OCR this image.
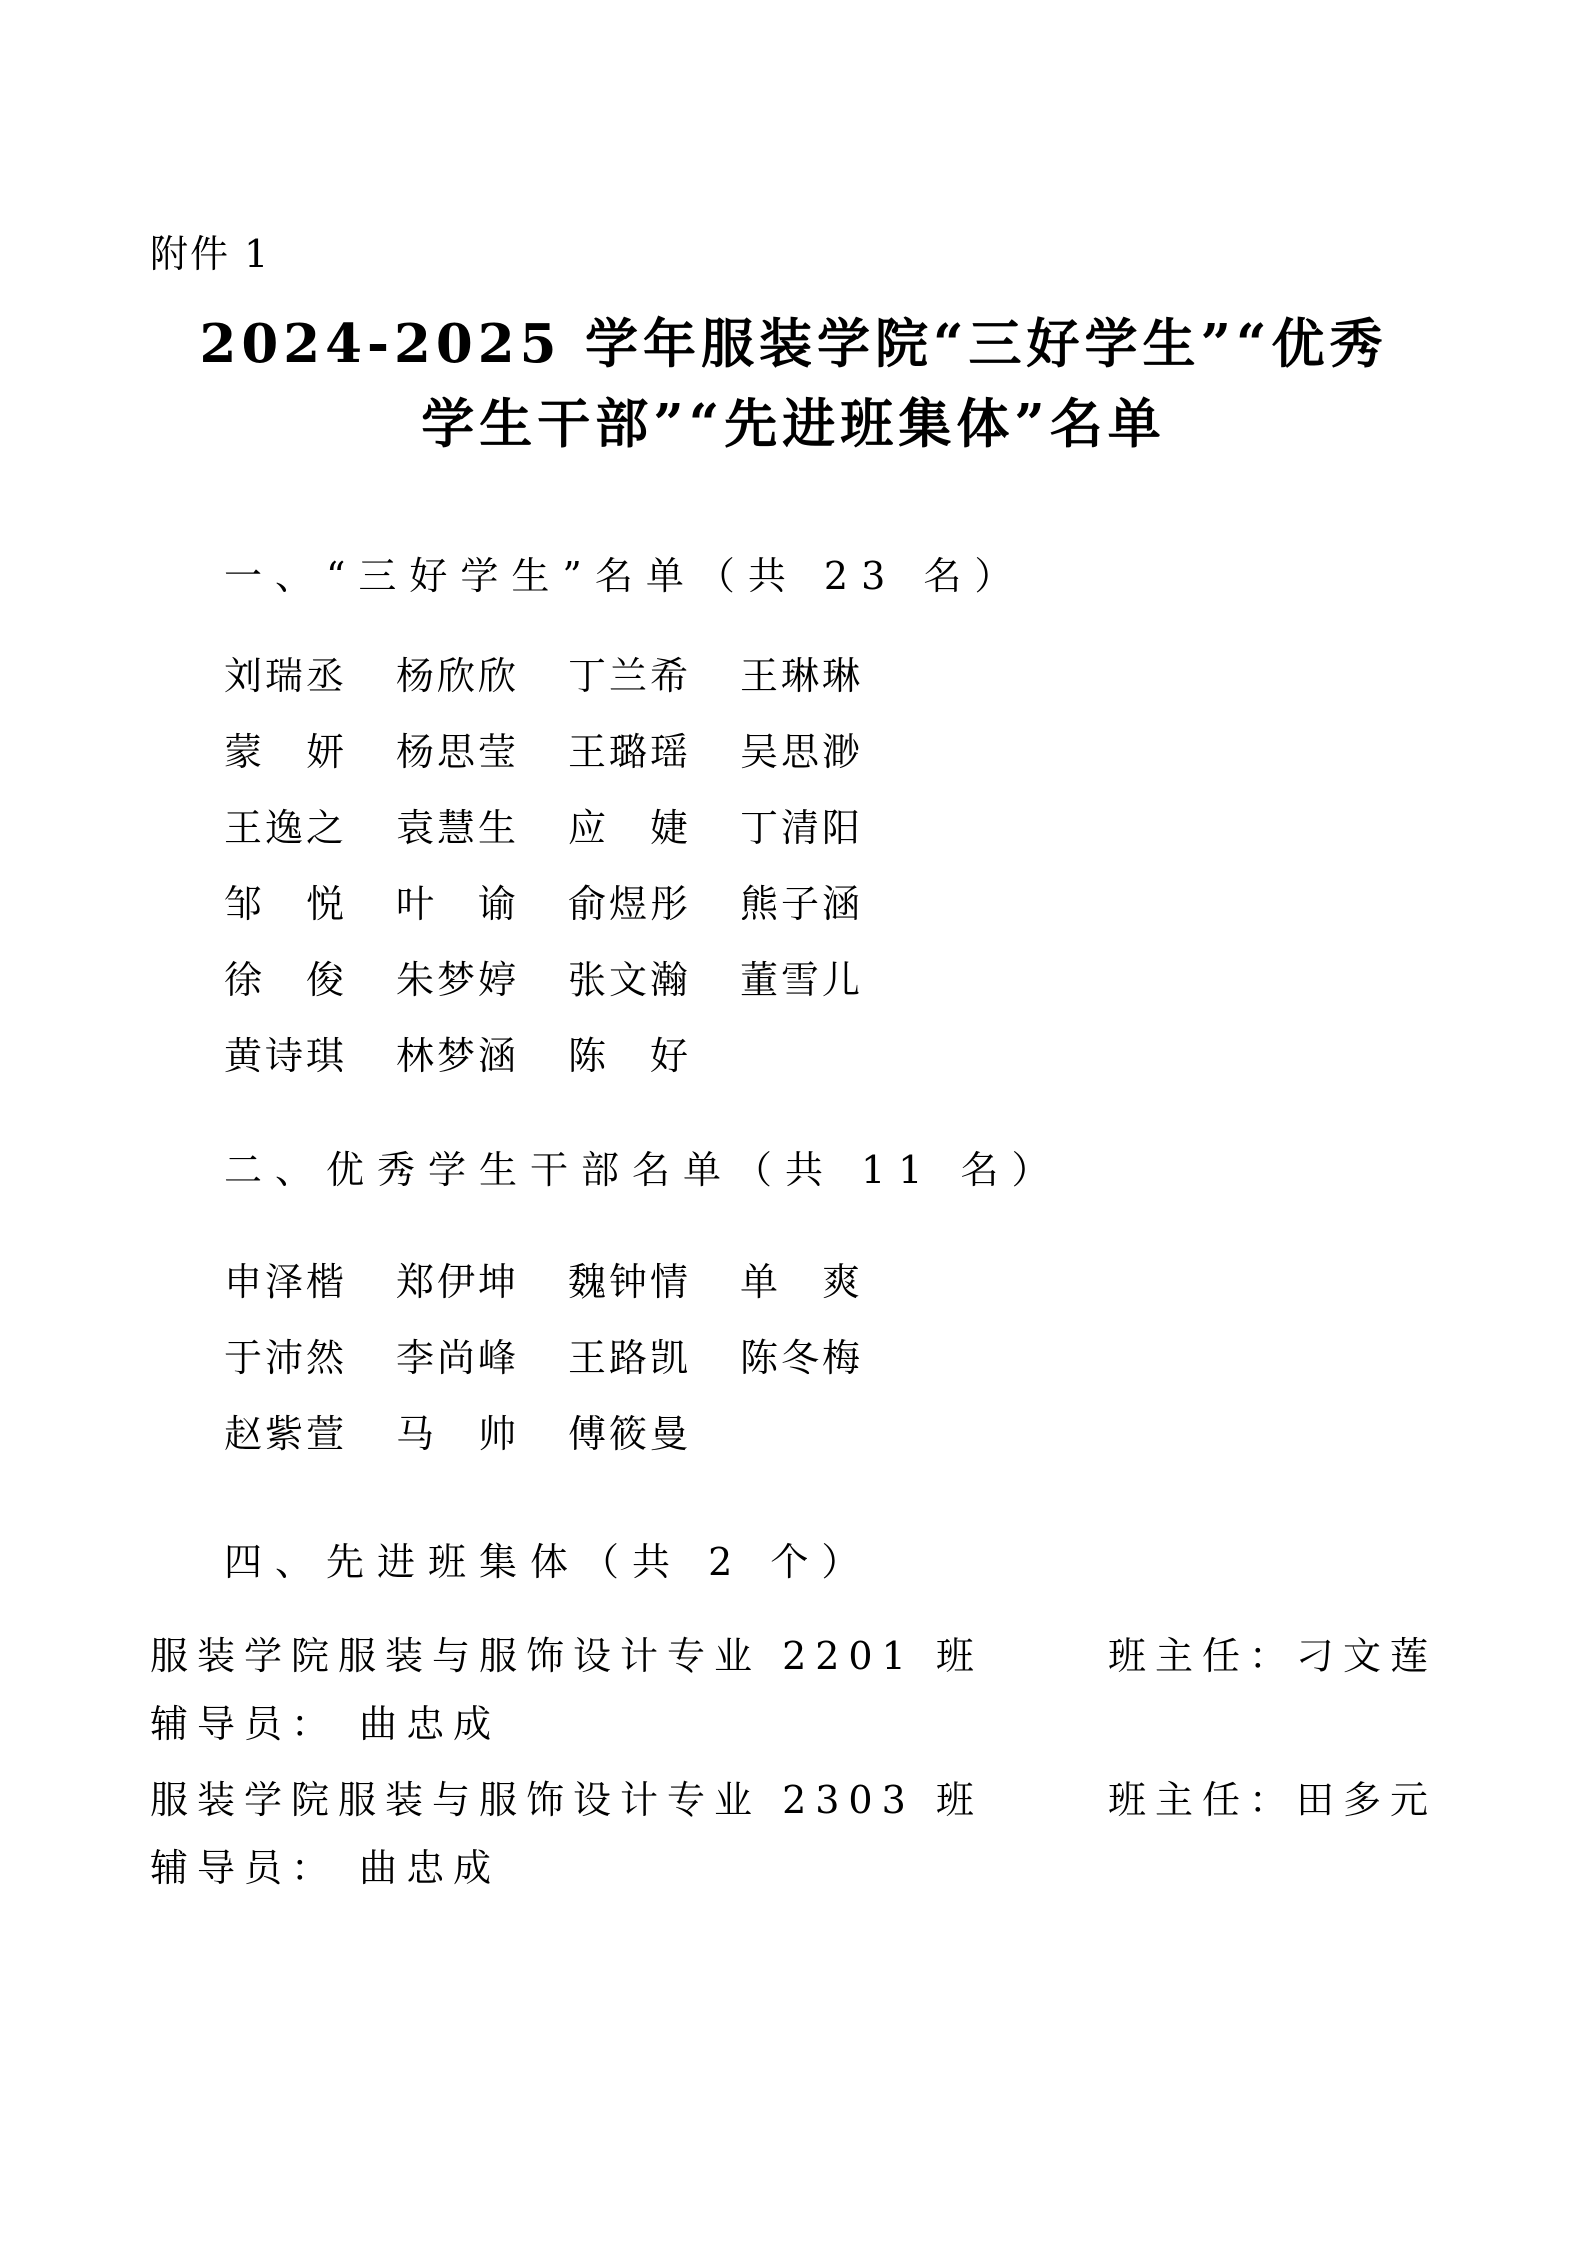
附件 1
2024-2025 学年服装学院“三好学生”“优秀
学生干部”“先进班集体”名单
一、“三好学生”名单（共 23 名）
刘瑞丞 杨欣欣 丁兰希 王琳琳
蒙　妍 杨思莹 王璐瑶 吴思渺
王逸之 袁慧生 应　婕 丁清阳
邹　悦 叶　谕 俞煜彤 熊子涵
徐　俊 朱梦婷 张文瀚 董雪儿
黄诗琪 林梦涵 陈　好
二、优秀学生干部名单（共 11 名）
申泽楷 郑伊坤 魏钟情 单　爽
于沛然 李尚峰 王路凯 陈冬梅
赵紫萱 马　帅 傅筱曼
四、先进班集体（共 2 个）
服装学院服装与服饰设计专业 2201 班	班主任：刁文莲
辅导员： 曲忠成
服装学院服装与服饰设计专业 2303 班	班主任：田多元
辅导员： 曲忠成
